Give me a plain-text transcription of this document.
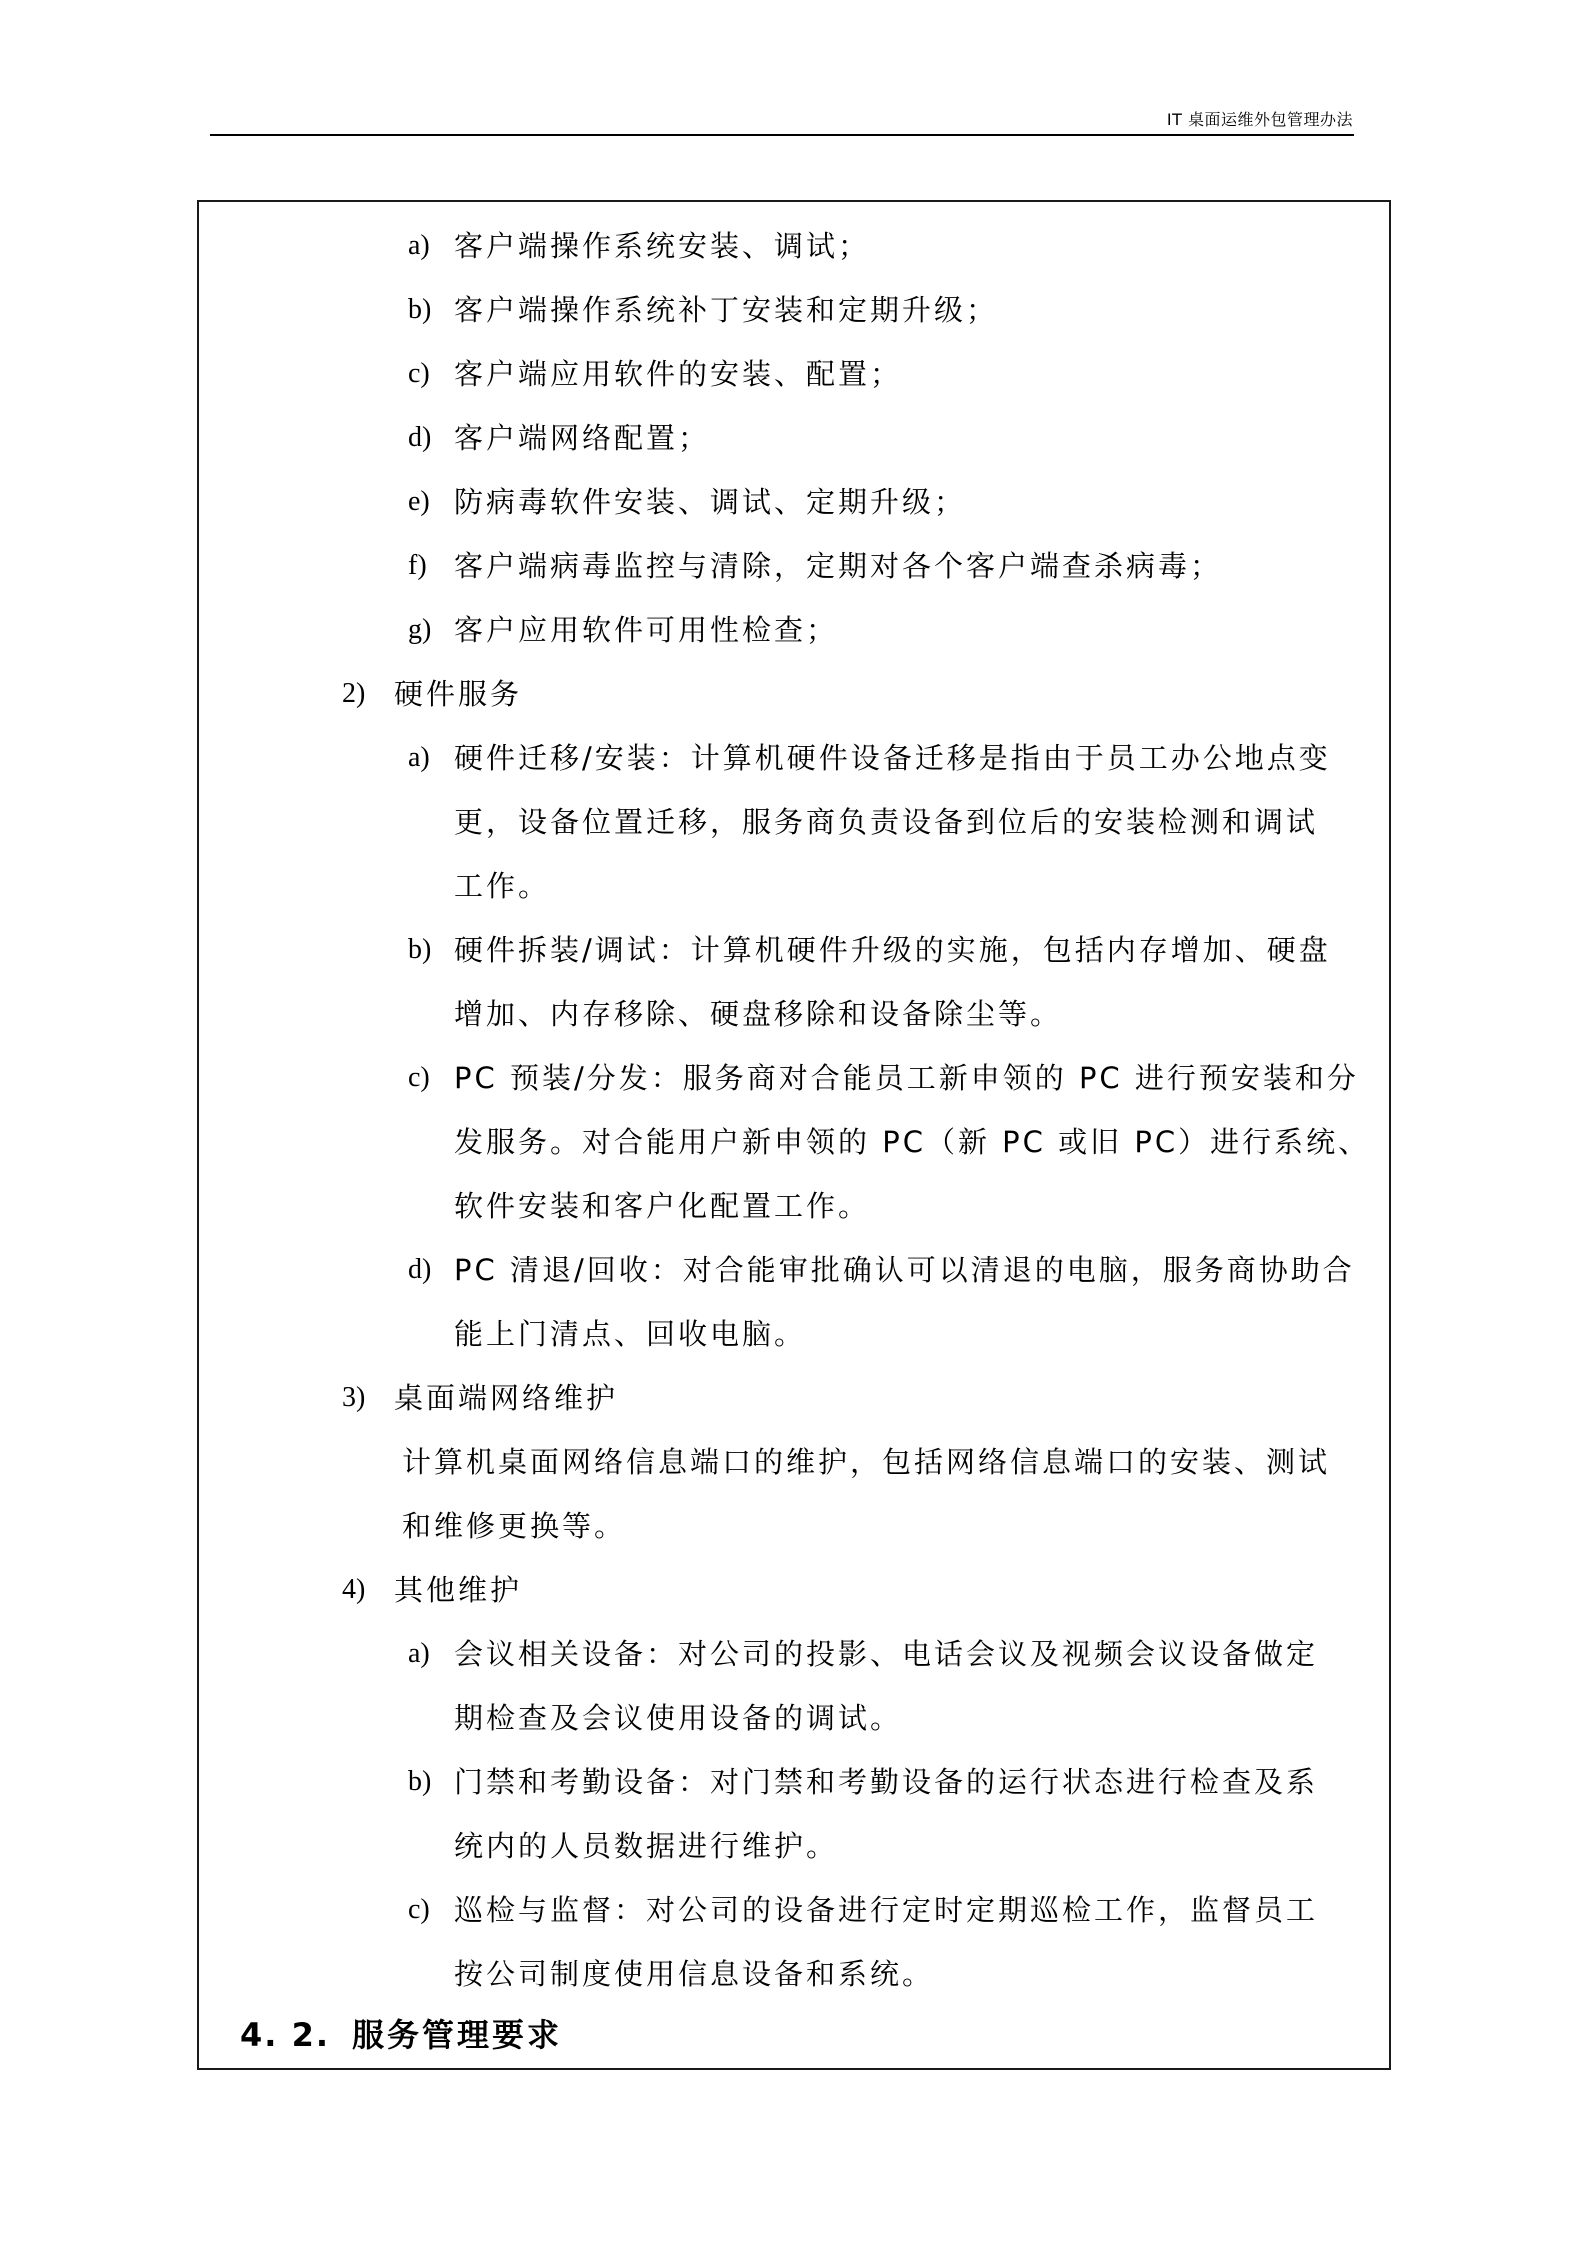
IT 桌面运维外包管理办法
a) 客户端操作系统安装、调试；
b) 客户端操作系统补丁安装和定期升级；
c) 客户端应用软件的安装、配置；
d) 客户端网络配置；
e) 防病毒软件安装、调试、定期升级；
f) 客户端病毒监控与清除，定期对各个客户端查杀病毒；
g) 客户应用软件可用性检查；
2) 硬件服务
a) 硬件迁移/安装：计算机硬件设备迁移是指由于员工办公地点变
更，设备位置迁移，服务商负责设备到位后的安装检测和调试
工作。
b) 硬件拆装/调试：计算机硬件升级的实施，包括内存增加、硬盘
增加、内存移除、硬盘移除和设备除尘等。
c) PC 预装/分发：服务商对合能员工新申领的 PC 进行预安装和分
发服务。对合能用户新申领的 PC（新 PC 或旧 PC）进行系统、
软件安装和客户化配置工作。
d) PC 清退/回收：对合能审批确认可以清退的电脑，服务商协助合
能上门清点、回收电脑。
3) 桌面端网络维护
计算机桌面网络信息端口的维护，包括网络信息端口的安装、测试
和维修更换等。
4) 其他维护
a) 会议相关设备：对公司的投影、电话会议及视频会议设备做定
期检查及会议使用设备的调试。
b) 门禁和考勤设备：对门禁和考勤设备的运行状态进行检查及系
统内的人员数据进行维护。
c) 巡检与监督：对公司的设备进行定时定期巡检工作，监督员工
按公司制度使用信息设备和系统。
4. 2. 服务管理要求
